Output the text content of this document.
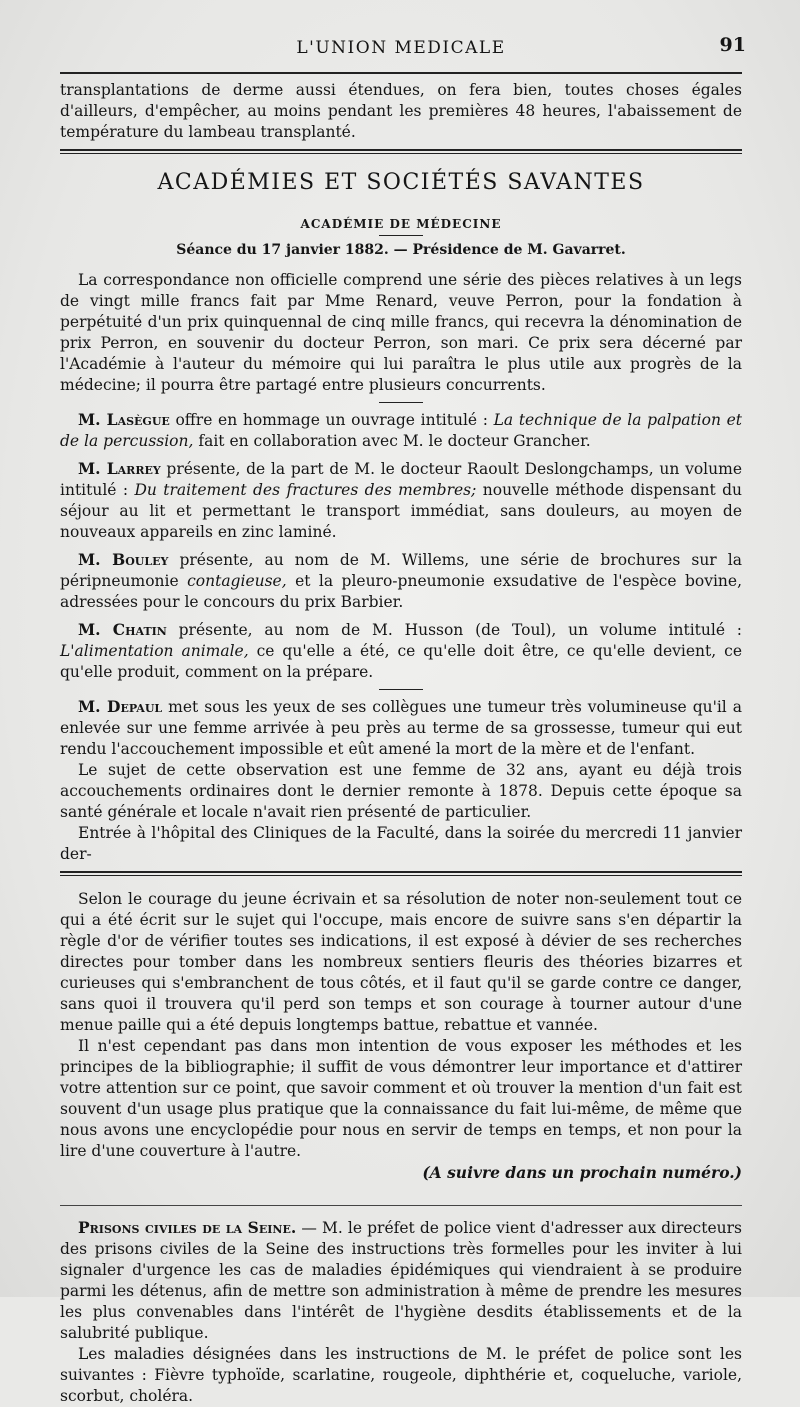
L'UNION MEDICALE	91

transplantations de derme aussi étendues, on fera bien, toutes choses égales d'ailleurs, d'empêcher, au moins pendant les premières 48 heures, l'abaissement de température du lambeau transplanté.

ACADÉMIES ET SOCIÉTÉS SAVANTES
ACADÉMIE DE MÉDECINE
Séance du 17 janvier 1882. — Présidence de M. Gavarret.

La correspondance non officielle comprend une série des pièces relatives à un legs de vingt mille francs fait par Mme Renard, veuve Perron, pour la fondation à perpétuité d'un prix quinquennal de cinq mille francs, qui recevra la dénomination de prix Perron, en souvenir du docteur Perron, son mari. Ce prix sera décerné par l'Académie à l'auteur du mémoire qui lui paraîtra le plus utile aux progrès de la médecine; il pourra être partagé entre plusieurs concurrents.

M. Lasègue offre en hommage un ouvrage intitulé : La technique de la palpation et de la percussion, fait en collaboration avec M. le docteur Grancher.

M. Larrey présente, de la part de M. le docteur Raoult Deslongchamps, un volume intitulé : Du traitement des fractures des membres; nouvelle méthode dispensant du séjour au lit et permettant le transport immédiat, sans douleurs, au moyen de nouveaux appareils en zinc laminé.

M. Bouley présente, au nom de M. Willems, une série de brochures sur la péripneumonie contagieuse, et la pleuro-pneumonie exsudative de l'espèce bovine, adressées pour le concours du prix Barbier.

M. Chatin présente, au nom de M. Husson (de Toul), un volume intitulé : L'alimentation animale, ce qu'elle a été, ce qu'elle doit être, ce qu'elle devient, ce qu'elle produit, comment on la prépare.

M. Depaul met sous les yeux de ses collègues une tumeur très volumineuse qu'il a enlevée sur une femme arrivée à peu près au terme de sa grossesse, tumeur qui eut rendu l'accouchement impossible et eût amené la mort de la mère et de l'enfant.

Le sujet de cette observation est une femme de 32 ans, ayant eu déjà trois accouchements ordinaires dont le dernier remonte à 1878. Depuis cette époque sa santé générale et locale n'avait rien présenté de particulier.

Entrée à l'hôpital des Cliniques de la Faculté, dans la soirée du mercredi 11 janvier der-

Selon le courage du jeune écrivain et sa résolution de noter non-seulement tout ce qui a été écrit sur le sujet qui l'occupe, mais encore de suivre sans s'en départir la règle d'or de vérifier toutes ses indications, il est exposé à dévier de ses recherches directes pour tomber dans les nombreux sentiers fleuris des théories bizarres et curieuses qui s'embranchent de tous côtés, et il faut qu'il se garde contre ce danger, sans quoi il trouvera qu'il perd son temps et son courage à tourner autour d'une menue paille qui a été depuis longtemps battue, rebattue et vannée.

Il n'est cependant pas dans mon intention de vous exposer les méthodes et les principes de la bibliographie; il suffit de vous démontrer leur importance et d'attirer votre attention sur ce point, que savoir comment et où trouver la mention d'un fait est souvent d'un usage plus pratique que la connaissance du fait lui-même, de même que nous avons une encyclopédie pour nous en servir de temps en temps, et non pour la lire d'une couverture à l'autre.

(A suivre dans un prochain numéro.)

Prisons civiles de la Seine. — M. le préfet de police vient d'adresser aux directeurs des prisons civiles de la Seine des instructions très formelles pour les inviter à lui signaler d'urgence les cas de maladies épidémiques qui viendraient à se produire parmi les détenus, afin de mettre son administration à même de prendre les mesures les plus convenables dans l'intérêt de l'hygiène desdits établissements et de la salubrité publique.

Les maladies désignées dans les instructions de M. le préfet de police sont les suivantes : Fièvre typhoïde, scarlatine, rougeole, diphthérie et, coqueluche, variole, scorbut, choléra.
